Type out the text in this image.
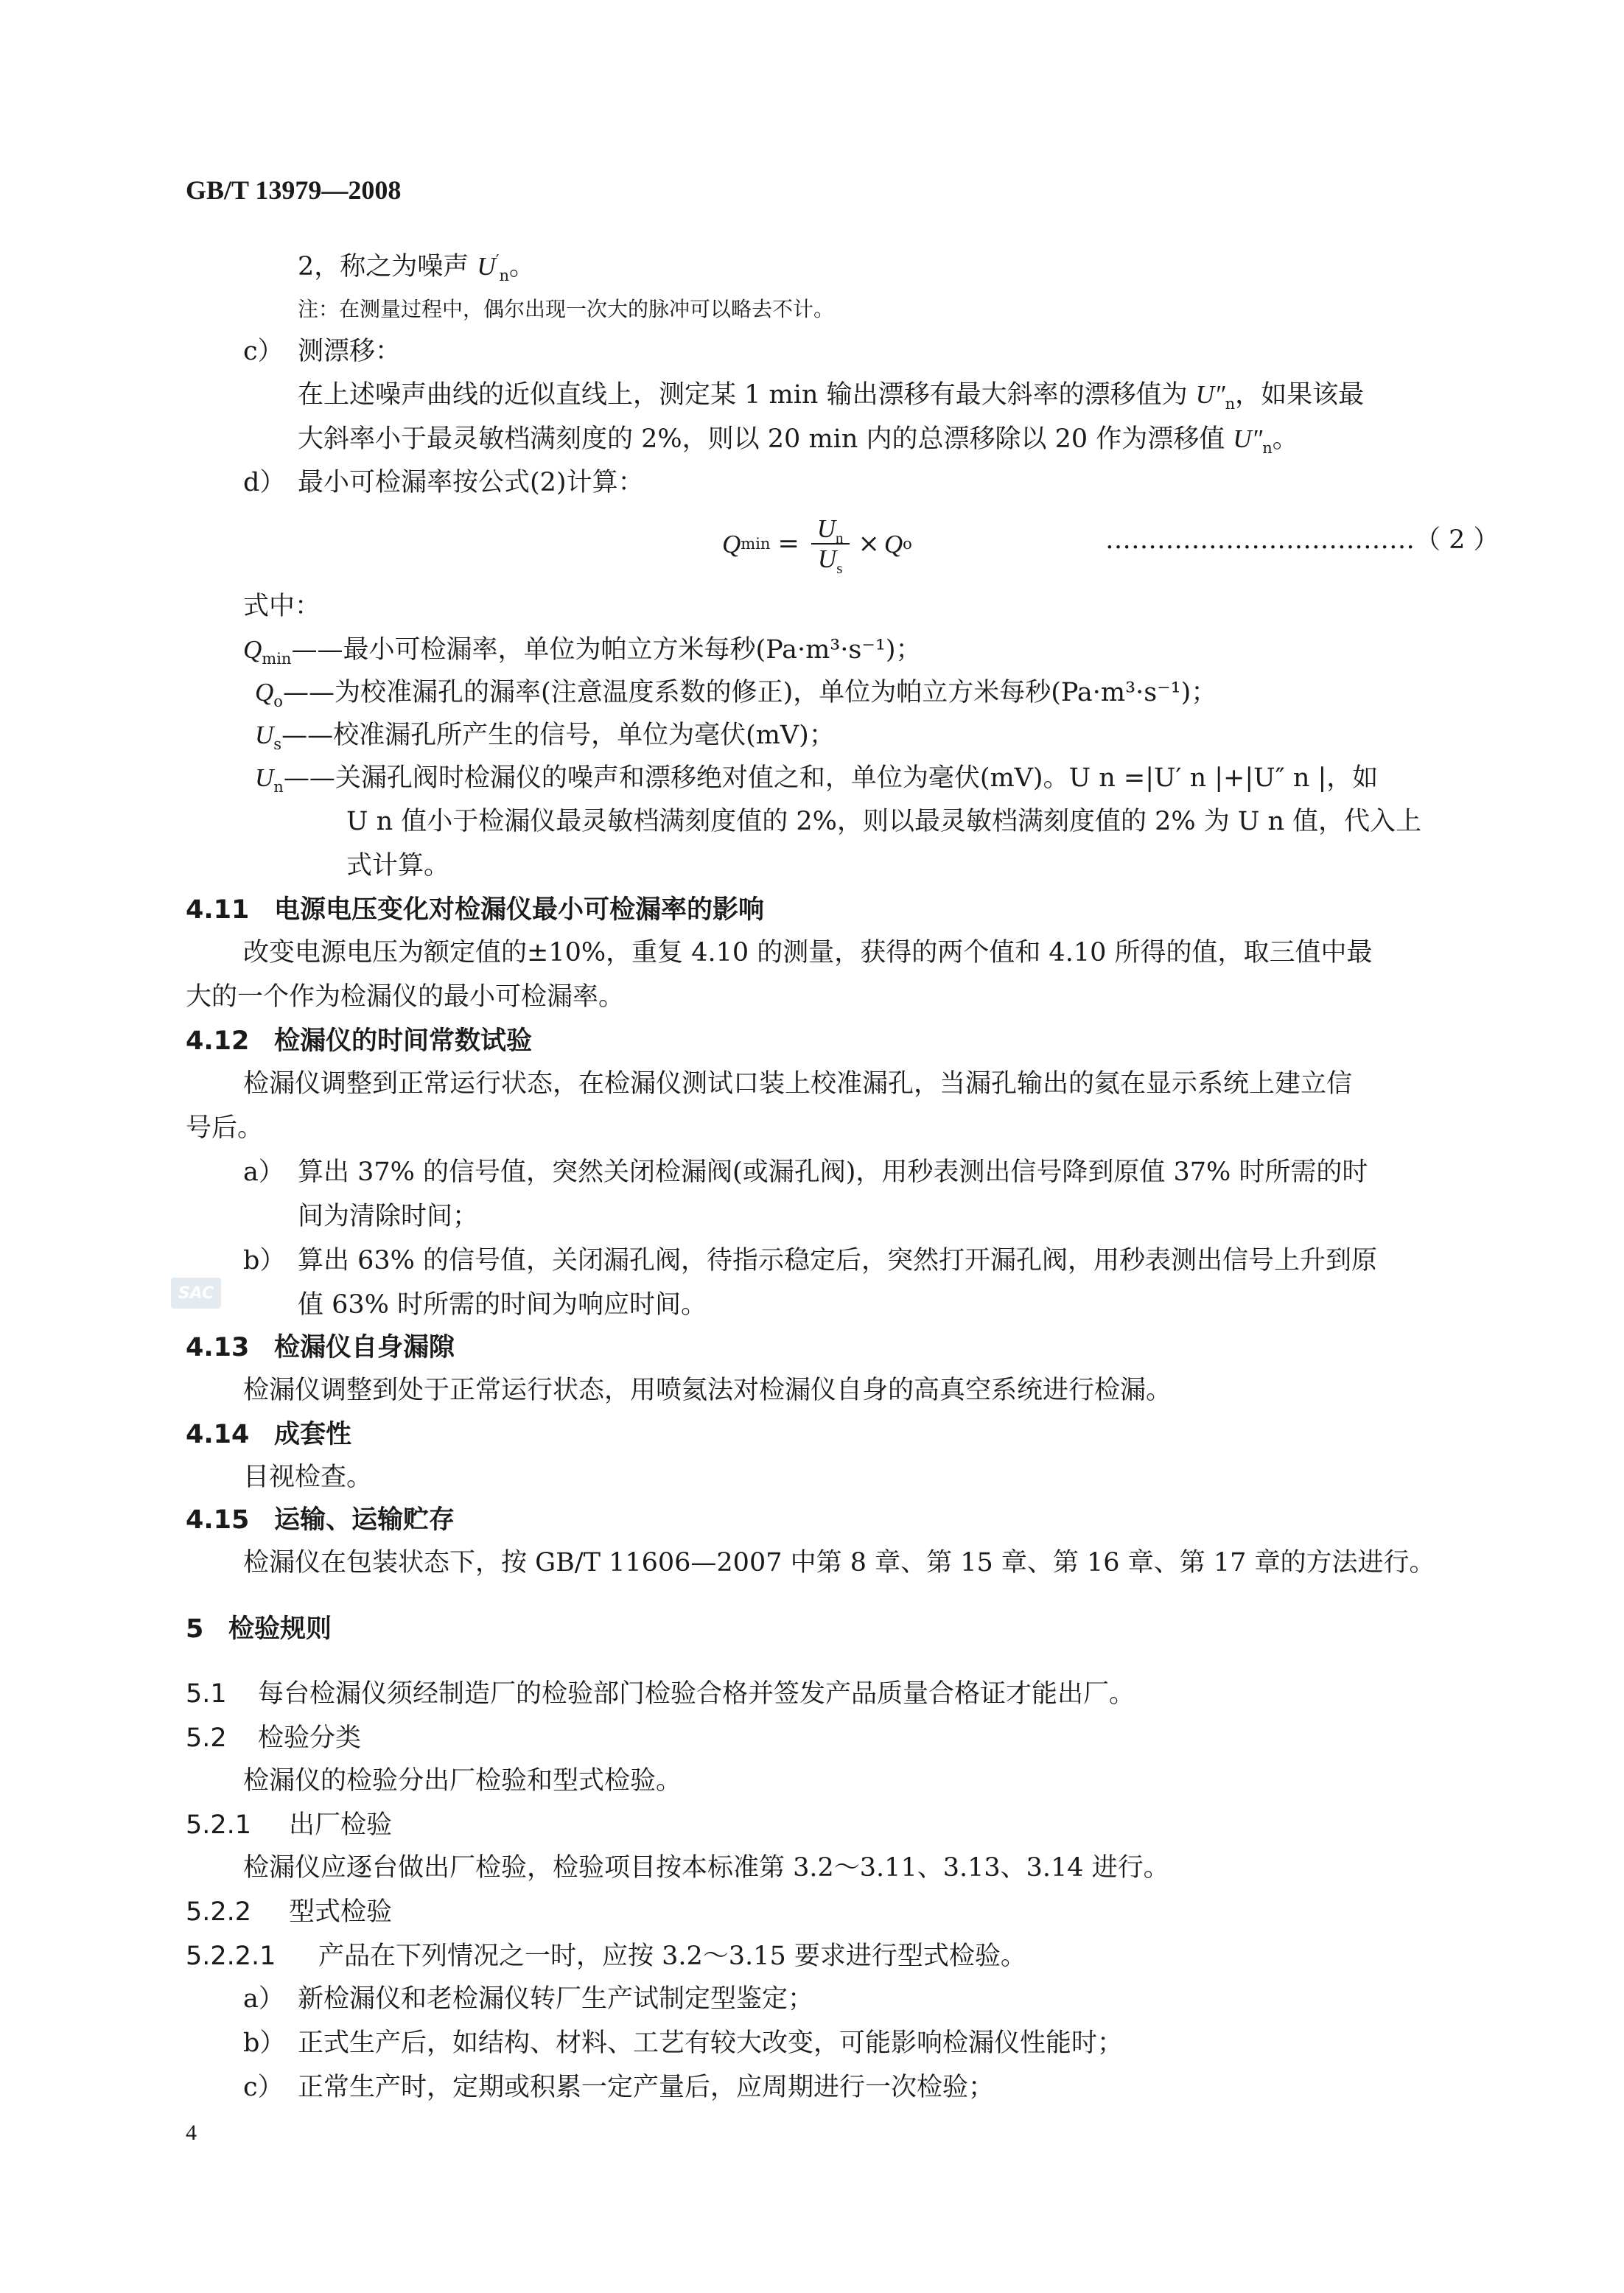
GB/T 13979—2008
2，称之为噪声 $U'_n$。
注：在测量过程中，偶尔出现一次大的脉冲可以略去不计。
c） 测漂移：
在上述噪声曲线的近似直线上，测定某 1 min 输出漂移有最大斜率的漂移值为 $U''_n$，如果该最
大斜率小于最灵敏档满刻度的 2%，则以 20 min 内的总漂移除以 20 作为漂移值 $U''_n$。
d） 最小可检漏率按公式(2)计算：
Q $\min = \frac{U_n}{U_s} \times Q$ o	………………………………（ 2 ）
式中：
$Q_{min}——$最小可检漏率，单位为帕立方米每秒(Pa·m³·s⁻¹)；
$Q_o——$为校准漏孔的漏率(注意温度系数的修正)，单位为帕立方米每秒(Pa·m³·s⁻¹)；
$U_s——$校准漏孔所产生的信号，单位为毫伏(mV)；
$U_n——$关漏孔阀时检漏仪的噪声和漂移绝对值之和，单位为毫伏(mV)。U n =|U′ n |+|U″ n |，如
U n 值小于检漏仪最灵敏档满刻度值的 2%，则以最灵敏档满刻度值的 2% 为 U n 值，代入上
式计算。
4.11 电源电压变化对检漏仪最小可检漏率的影响
改变电源电压为额定值的±10%，重复 4.10 的测量，获得的两个值和 4.10 所得的值，取三值中最
大的一个作为检漏仪的最小可检漏率。
4.12 检漏仪的时间常数试验
检漏仪调整到正常运行状态，在检漏仪测试口装上校准漏孔，当漏孔输出的氦在显示系统上建立信
号后。
a） 算出 37% 的信号值，突然关闭检漏阀(或漏孔阀)，用秒表测出信号降到原值 37% 时所需的时
间为清除时间；
b） 算出 63% 的信号值，关闭漏孔阀，待指示稳定后，突然打开漏孔阀，用秒表测出信号上升到原
值 63% 时所需的时间为响应时间。
SAC
4.13 检漏仪自身漏隙
检漏仪调整到处于正常运行状态，用喷氦法对检漏仪自身的高真空系统进行检漏。
4.14 成套性
目视检查。
4.15 运输、运输贮存
检漏仪在包装状态下，按 GB/T 11606—2007 中第 8 章、第 15 章、第 16 章、第 17 章的方法进行。
5 检验规则
5.1 每台检漏仪须经制造厂的检验部门检验合格并签发产品质量合格证才能出厂。
5.2 检验分类
检漏仪的检验分出厂检验和型式检验。
5.2.1 出厂检验
检漏仪应逐台做出厂检验，检验项目按本标准第 3.2～3.11、3.13、3.14 进行。
5.2.2 型式检验
5.2.2.1 产品在下列情况之一时，应按 3.2～3.15 要求进行型式检验。
a） 新检漏仪和老检漏仪转厂生产试制定型鉴定；
b） 正式生产后，如结构、材料、工艺有较大改变，可能影响检漏仪性能时；
c） 正常生产时，定期或积累一定产量后，应周期进行一次检验；
4
